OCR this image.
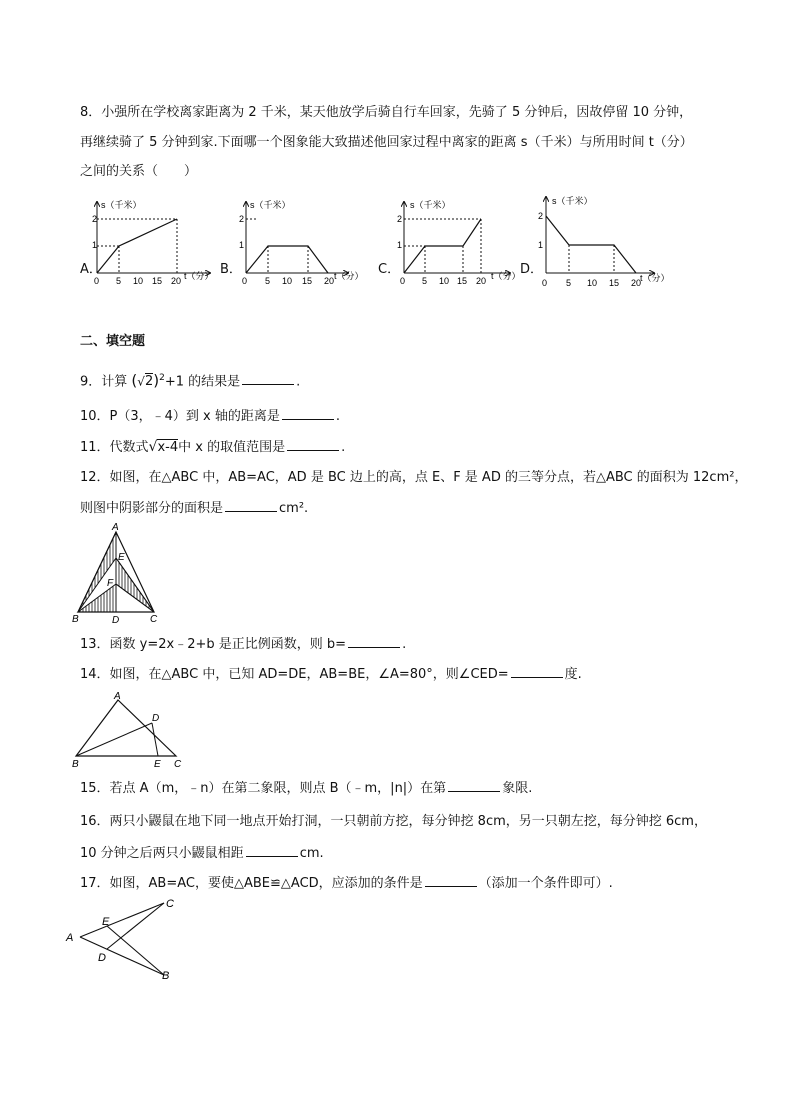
8．小强所在学校离家距离为 2 千米，某天他放学后骑自行车回家，先骑了 5 分钟后，因故停留 10 分钟，
再继续骑了 5 分钟到家.下面哪一个图象能大致描述他回家过程中离家的距离 s（千米）与所用时间 t（分）
之间的关系（　　）
A．
s（千米）
1
2
0 5 10 15 20 t（分） B．
s（千米）
1
2
0 5 10 15 20 t（分） C．
s（千米）
1
2
0 5 10 15 20 t（分） D．
s（千米）
1
2
0 5 10 15 20
t（分）
二、填空题
9．计算 $(√2)^2+1$ 的结果是	.
10．P（3，﹣4）到 x 轴的距离是	.
11．代数式√x-4中 x 的取值范围是	.
12．如图，在△ABC 中，AB=AC，AD 是 BC 边上的高，点 E、F 是 AD 的三等分点，若△ABC 的面积为 12cm²，
则图中阴影部分的面积是	cm².
A
E
F
B	D	C
13．函数 y=2x﹣2+b 是正比例函数，则 b=	.
14．如图，在△ABC 中，已知 AD=DE，AB=BE，∠A=80°，则∠CED=	度.
A
D
B	E C
15．若点 A（m，﹣n）在第二象限，则点 B（﹣m，|n|）在第	象限.
16．两只小鼹鼠在地下同一地点开始打洞，一只朝前方挖，每分钟挖 8cm，另一只朝左挖，每分钟挖 6cm，
10 分钟之后两只小鼹鼠相距	cm.
17．如图，AB=AC，要使△ABE≌△ACD，应添加的条件是	（添加一个条件即可）.
A
E
D
C
B
